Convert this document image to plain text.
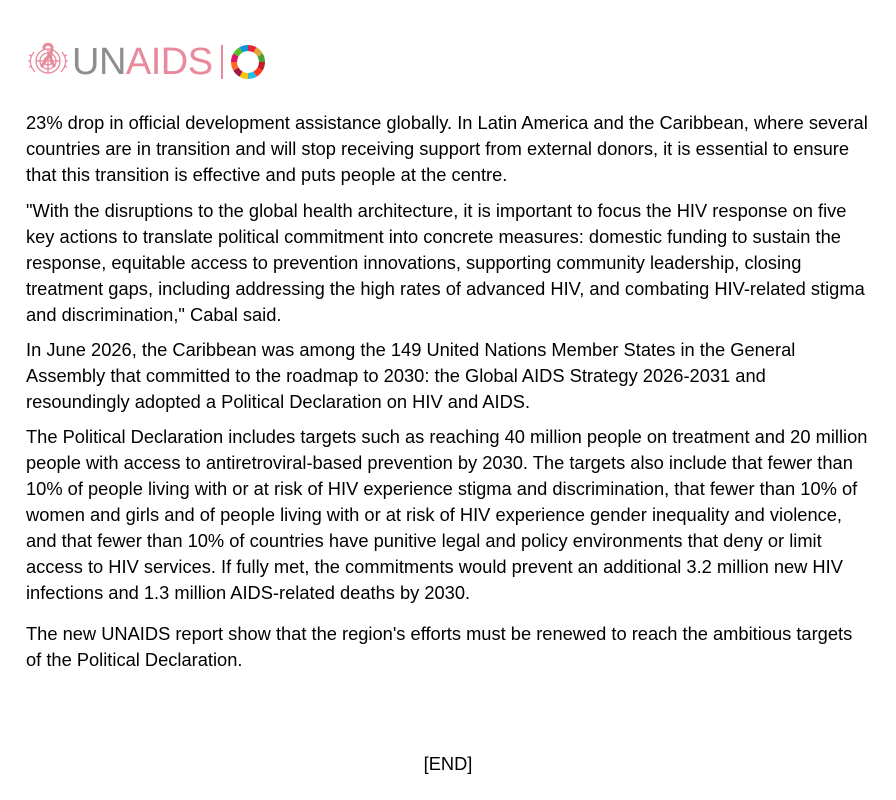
UN AIDS

23% drop in official development assistance globally. In Latin America and the Caribbean, where several countries are in transition and will stop receiving support from external donors, it is essential to ensure that this transition is effective and puts people at the centre.

"With the disruptions to the global health architecture, it is important to focus the HIV response on five key actions to translate political commitment into concrete measures: domestic funding to sustain the response, equitable access to prevention innovations, supporting community leadership, closing treatment gaps, including addressing the high rates of advanced HIV, and combating HIV-related stigma and discrimination," Cabal said.

In June 2026, the Caribbean was among the 149 United Nations Member States in the General Assembly that committed to the roadmap to 2030: the Global AIDS Strategy 2026-2031 and resoundingly adopted a Political Declaration on HIV and AIDS.

The Political Declaration includes targets such as reaching 40 million people on treatment and 20 million people with access to antiretroviral-based prevention by 2030. The targets also include that fewer than 10% of people living with or at risk of HIV experience stigma and discrimination, that fewer than 10% of women and girls and of people living with or at risk of HIV experience gender inequality and violence, and that fewer than 10% of countries have punitive legal and policy environments that deny or limit access to HIV services. If fully met, the commitments would prevent an additional 3.2 million new HIV infections and 1.3 million AIDS-related deaths by 2030.

The new UNAIDS report show that the region's efforts must be renewed to reach the ambitious targets of the Political Declaration.

[END]
